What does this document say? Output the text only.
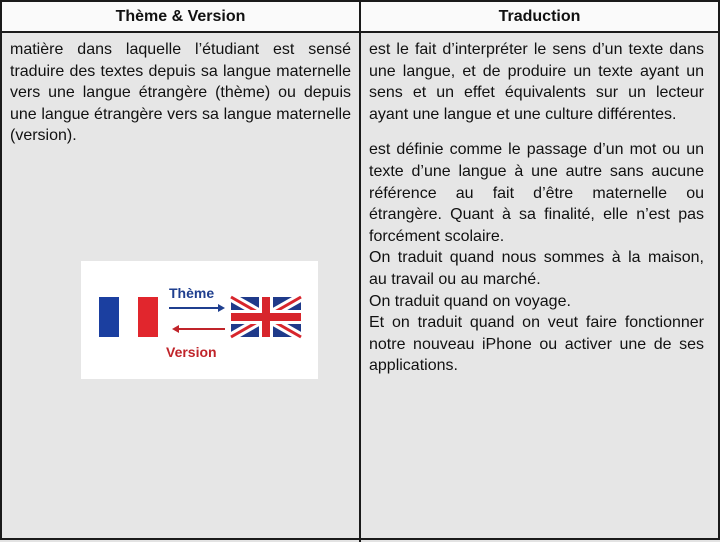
Thème & Version	Traduction

matière dans laquelle l’étudiant est sensé traduire des textes depuis sa langue maternelle vers une langue étrangère (thème) ou depuis une langue étrangère vers sa langue maternelle (version).

est le fait d’interpréter le sens d’un texte dans une langue, et de produire un texte ayant un sens et un effet équivalents sur un lecteur ayant une langue et une culture différentes.

est définie comme le passage d’un mot ou un texte d’une langue à une autre sans aucune référence au fait d’être maternelle ou étrangère. Quant à sa finalité, elle n’est pas forcément scolaire.

On traduit quand nous sommes à la maison, au travail ou au marché.

On traduit quand on voyage.

Et on traduit quand on veut faire fonctionner notre nouveau iPhone ou activer une de ses applications.

Thème
Version
